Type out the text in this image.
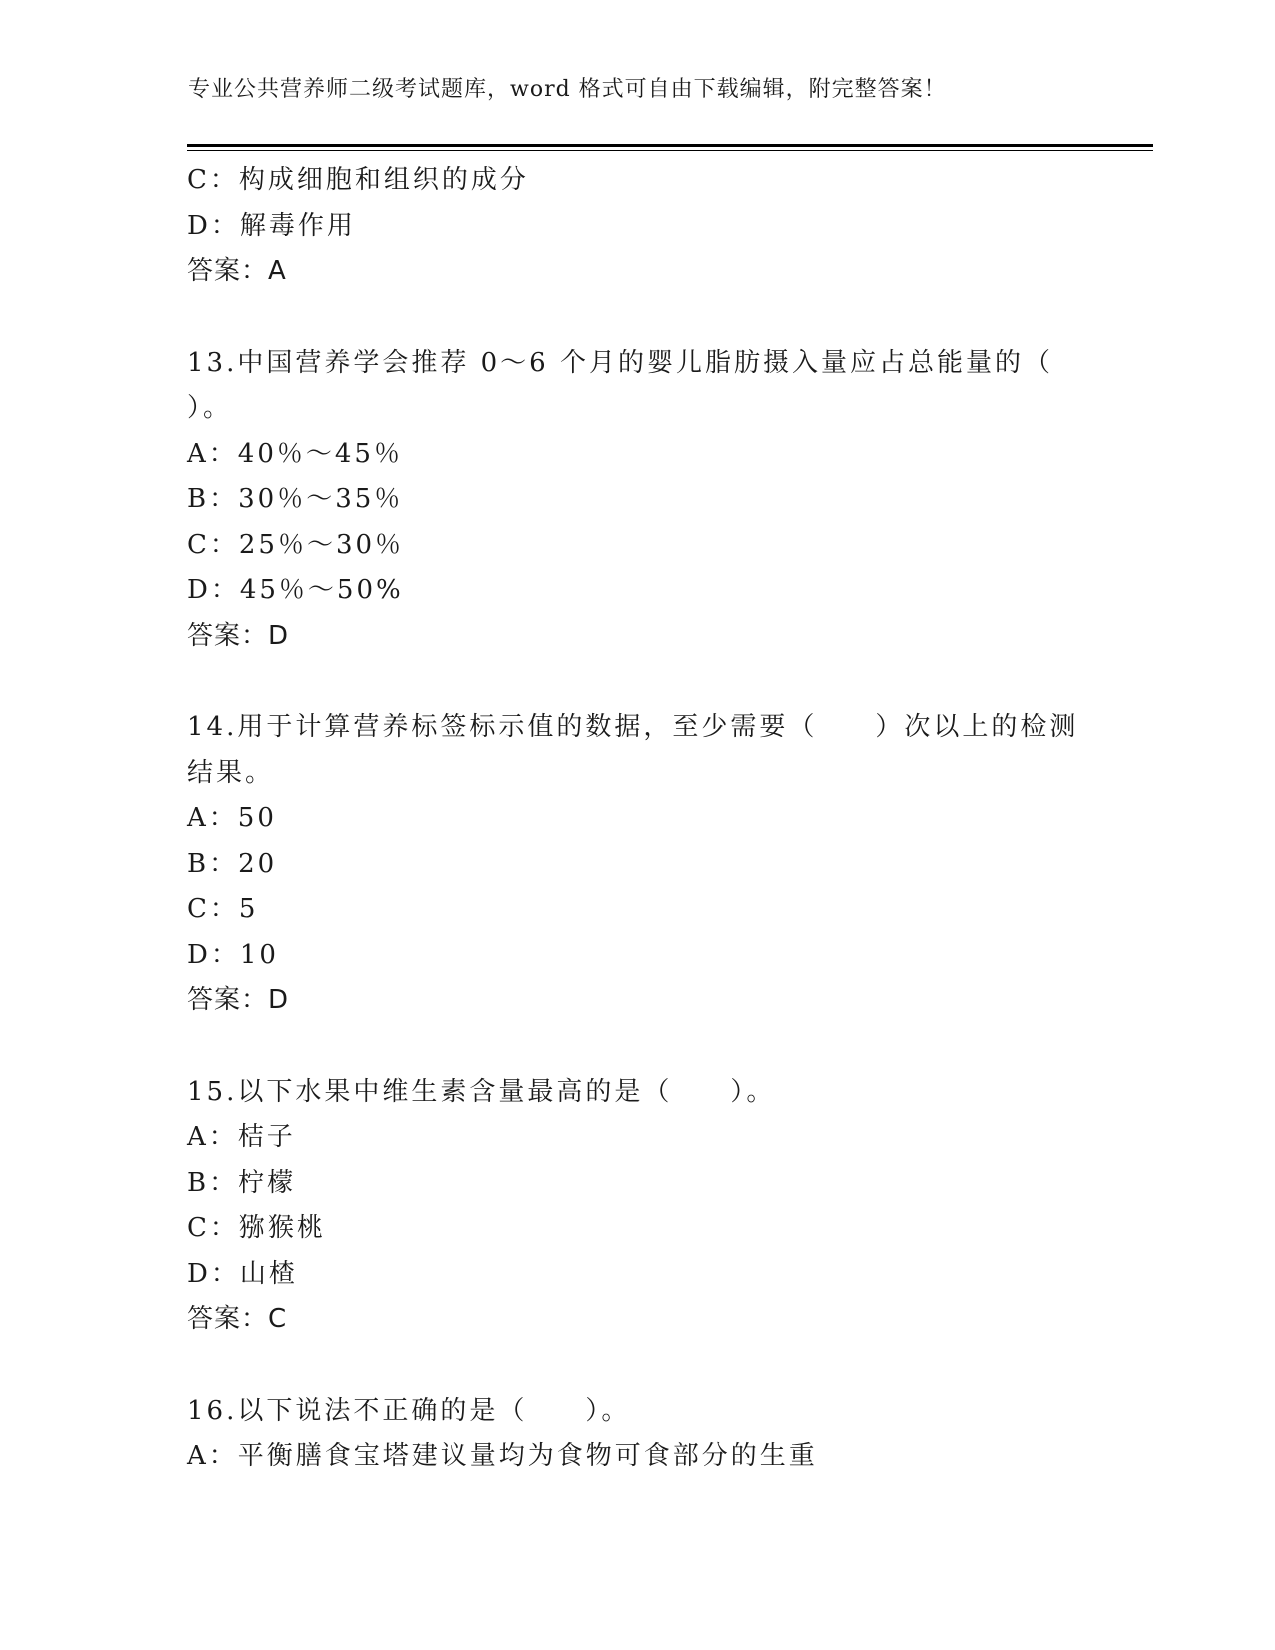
专业公共营养师二级考试题库，word 格式可自由下载编辑，附完整答案！
C：构成细胞和组织的成分
D：解毒作用
答案：A
13.中国营养学会推荐 0～6 个月的婴儿脂肪摄入量应占总能量的（
）。
A：40％～45％
B：30％～35％
C：25％～30％
D：45％～50%
答案：D
14.用于计算营养标签标示值的数据，至少需要（　　）次以上的检测
结果。
A：50
B：20
C：5
D：10
答案：D
15.以下水果中维生素含量最高的是（　　）。
A：桔子
B：柠檬
C：猕猴桃
D：山楂
答案：C
16.以下说法不正确的是（　　）。
A：平衡膳食宝塔建议量均为食物可食部分的生重
